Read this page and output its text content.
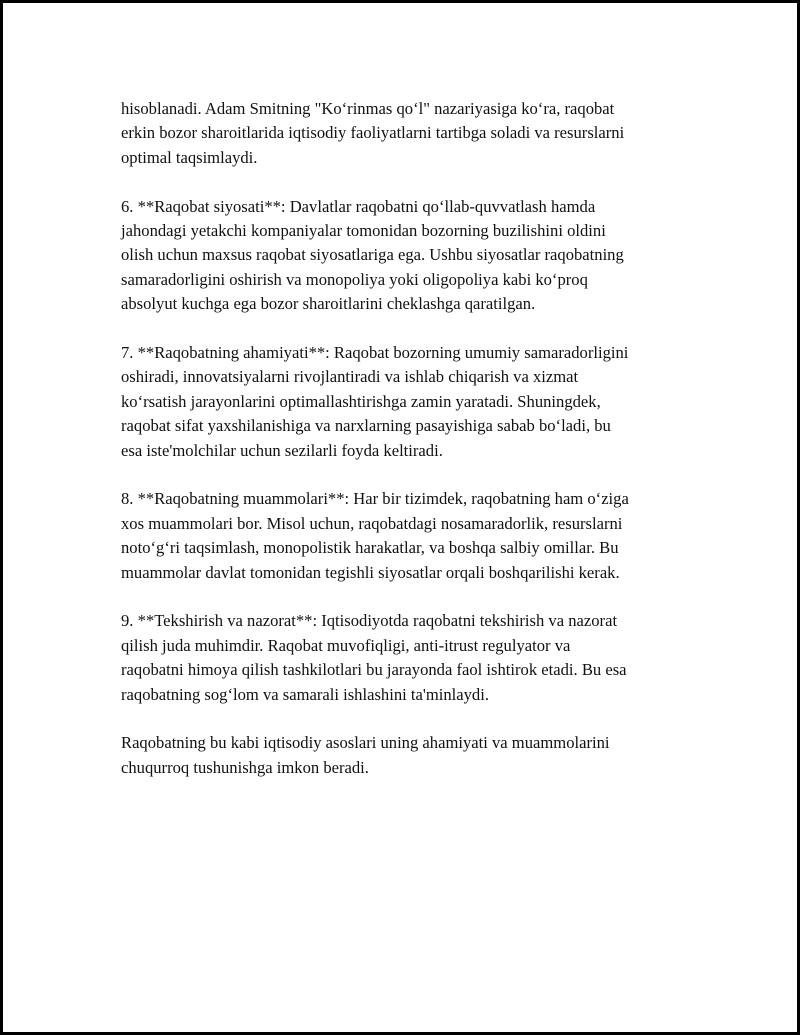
hisoblanadi. Adam Smitning "Ko‘rinmas qo‘l" nazariyasiga ko‘ra, raqobat
erkin bozor sharoitlarida iqtisodiy faoliyatlarni tartibga soladi va resurslarni
optimal taqsimlaydi.

6. **Raqobat siyosati**: Davlatlar raqobatni qo‘llab-quvvatlash hamda
jahondagi yetakchi kompaniyalar tomonidan bozorning buzilishini oldini
olish uchun maxsus raqobat siyosatlariga ega. Ushbu siyosatlar raqobatning
samaradorligini oshirish va monopoliya yoki oligopoliya kabi ko‘proq
absolyut kuchga ega bozor sharoitlarini cheklashga qaratilgan.

7. **Raqobatning ahamiyati**: Raqobat bozorning umumiy samaradorligini
oshiradi, innovatsiyalarni rivojlantiradi va ishlab chiqarish va xizmat
ko‘rsatish jarayonlarini optimallashtirishga zamin yaratadi. Shuningdek,
raqobat sifat yaxshilanishiga va narxlarning pasayishiga sabab bo‘ladi, bu
esa iste'molchilar uchun sezilarli foyda keltiradi.

8. **Raqobatning muammolari**: Har bir tizimdek, raqobatning ham o‘ziga
xos muammolari bor. Misol uchun, raqobatdagi nosamaradorlik, resurslarni
noto‘g‘ri taqsimlash, monopolistik harakatlar, va boshqa salbiy omillar. Bu
muammolar davlat tomonidan tegishli siyosatlar orqali boshqarilishi kerak.

9. **Tekshirish va nazorat**: Iqtisodiyotda raqobatni tekshirish va nazorat
qilish juda muhimdir. Raqobat muvofiqligi, anti-itrust regulyator va
raqobatni himoya qilish tashkilotlari bu jarayonda faol ishtirok etadi. Bu esa
raqobatning sog‘lom va samarali ishlashini ta'minlaydi.

Raqobatning bu kabi iqtisodiy asoslari uning ahamiyati va muammolarini
chuqurroq tushunishga imkon beradi.
